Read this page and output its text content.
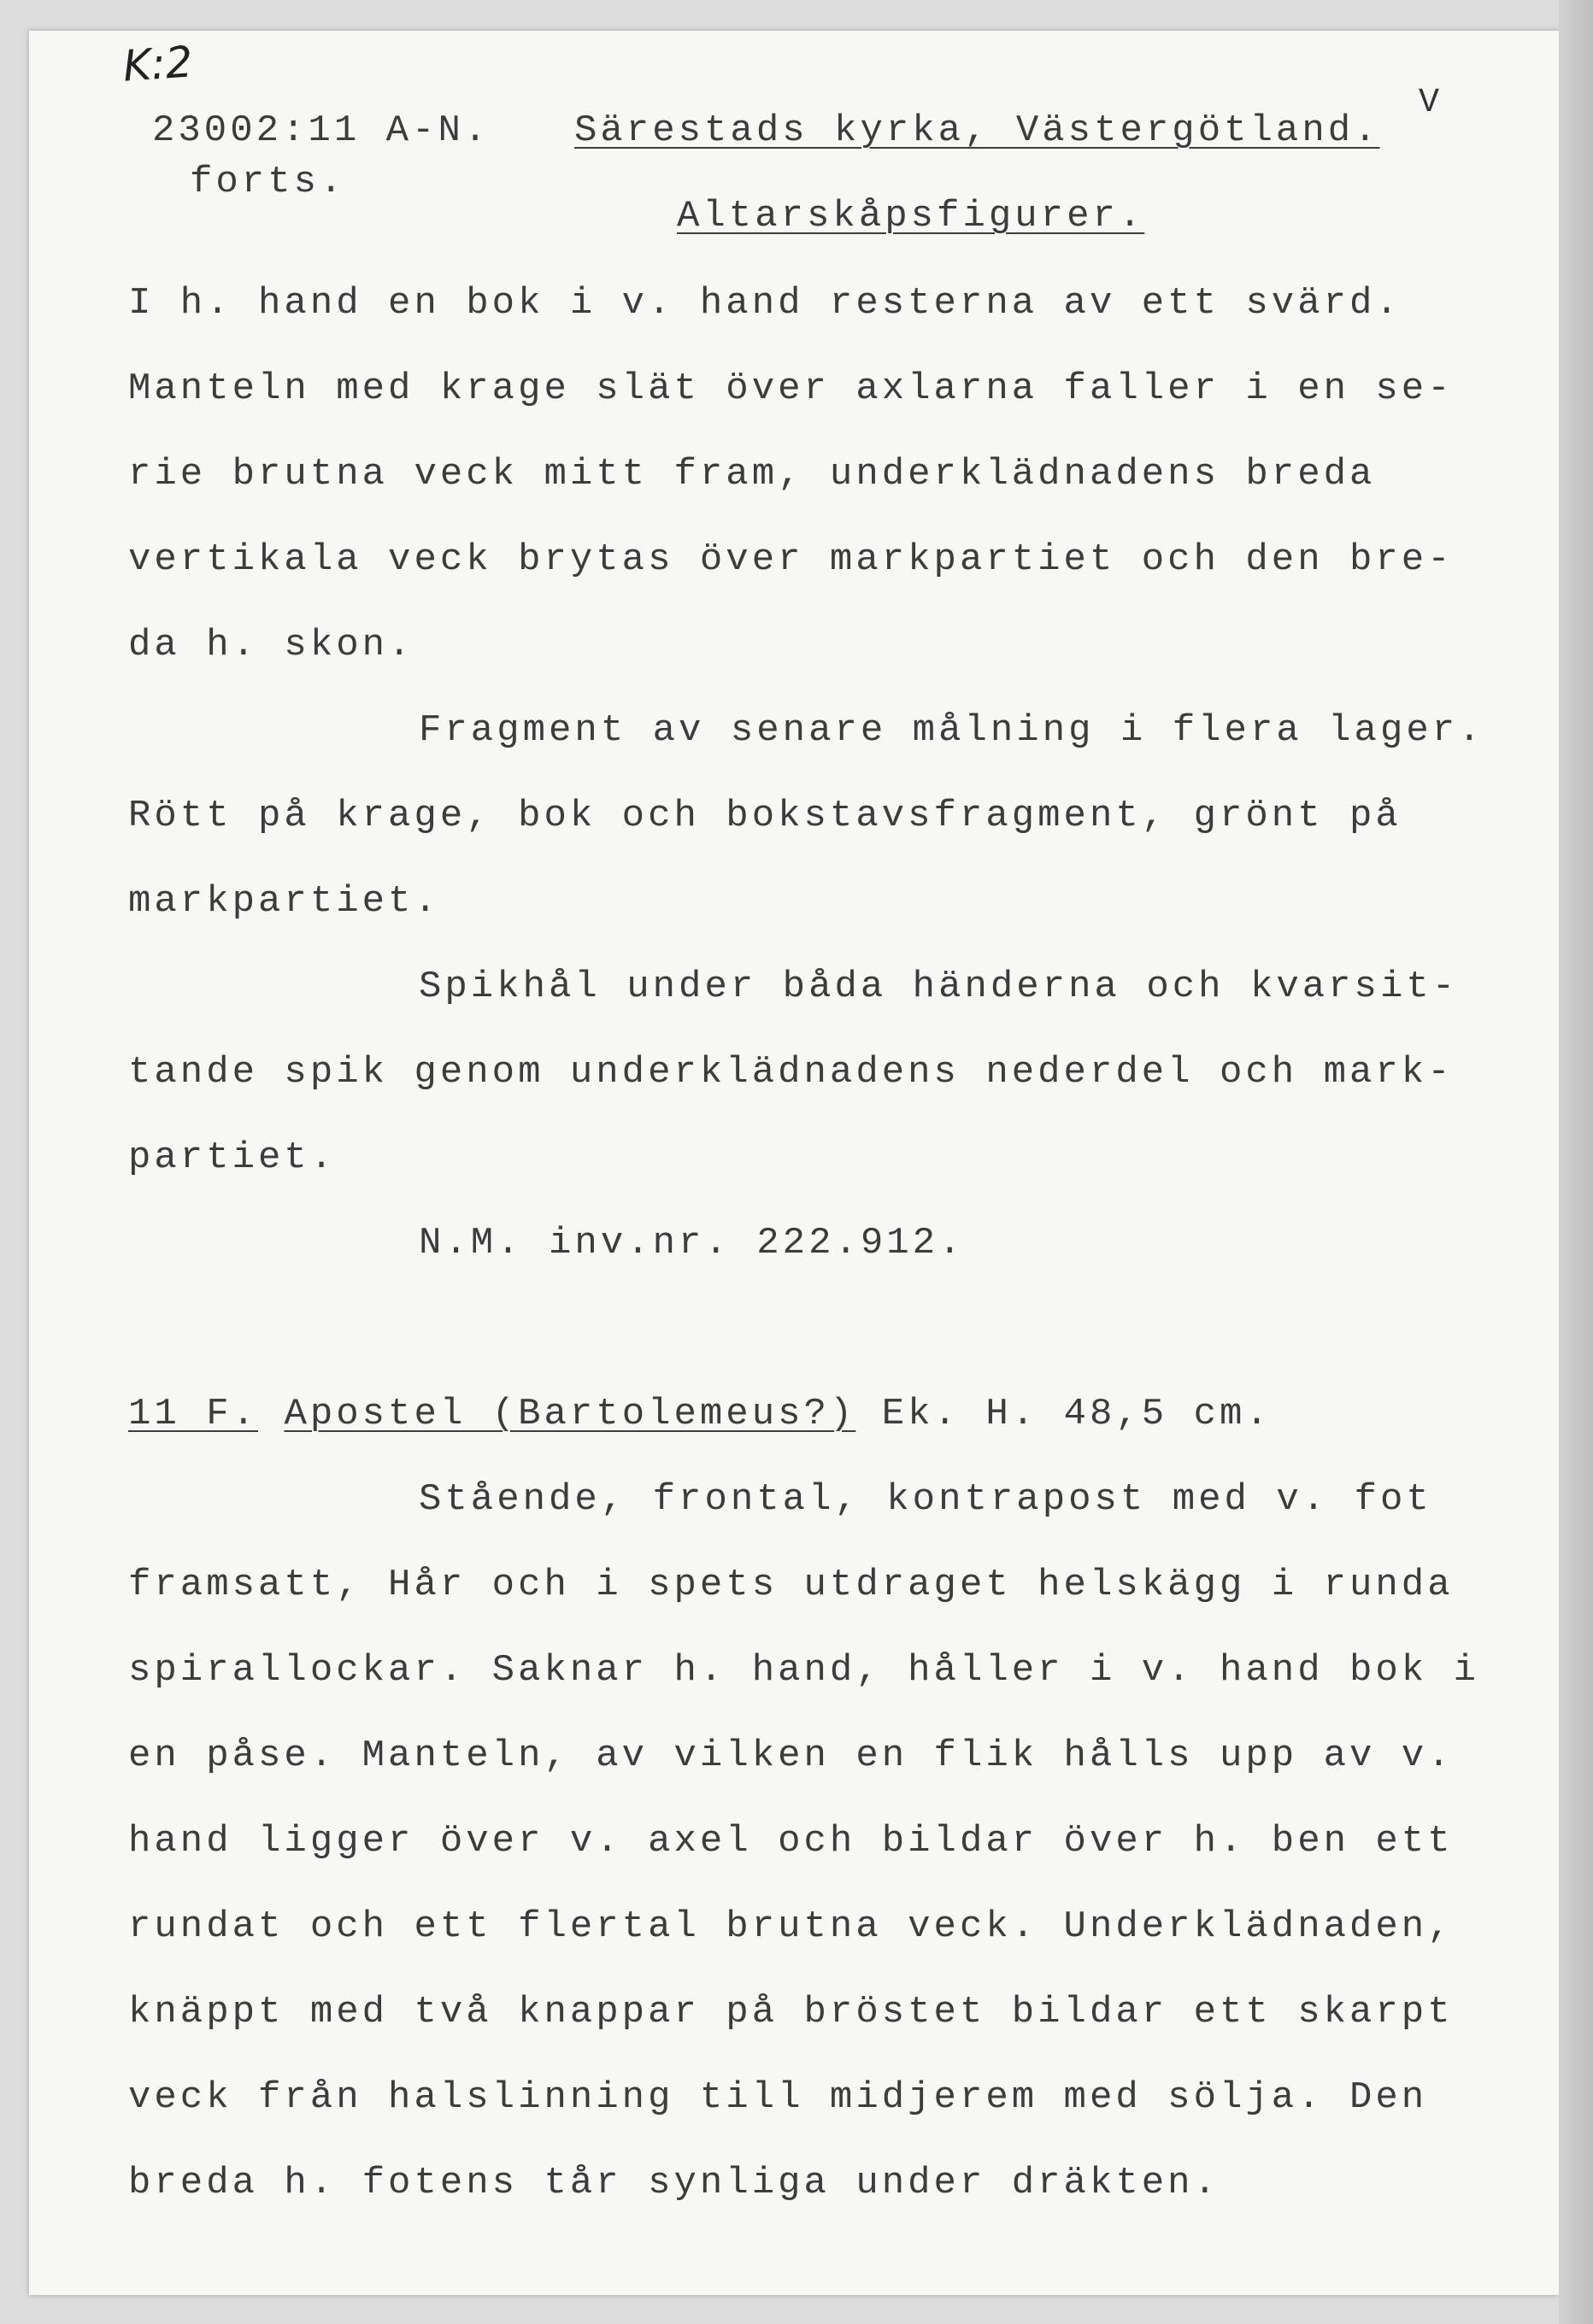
K:2
V
23002:11 A-N.
forts.
Särestads kyrka, Västergötland.
Altarskåpsfigurer.
I h. hand en bok i v. hand resterna av ett svärd.
Manteln med krage slät över axlarna faller i en se-
rie brutna veck mitt fram, underklädnadens breda
vertikala veck brytas över markpartiet och den bre-
da h. skon.
Fragment av senare målning i flera lager.
Rött på krage, bok och bokstavsfragment, grönt på
markpartiet.
Spikhål under båda händerna och kvarsit-
tande spik genom underklädnadens nederdel och mark-
partiet.
N.M. inv.nr. 222.912.
11 F. Apostel (Bartolemeus?) Ek. H. 48,5 cm.
Stående, frontal, kontrapost med v. fot
framsatt, Hår och i spets utdraget helskägg i runda
spirallockar. Saknar h. hand, håller i v. hand bok i
en påse. Manteln, av vilken en flik hålls upp av v.
hand ligger över v. axel och bildar över h. ben ett
rundat och ett flertal brutna veck. Underklädnaden,
knäppt med två knappar på bröstet bildar ett skarpt
veck från halslinning till midjerem med sölja. Den
breda h. fotens tår synliga under dräkten.
